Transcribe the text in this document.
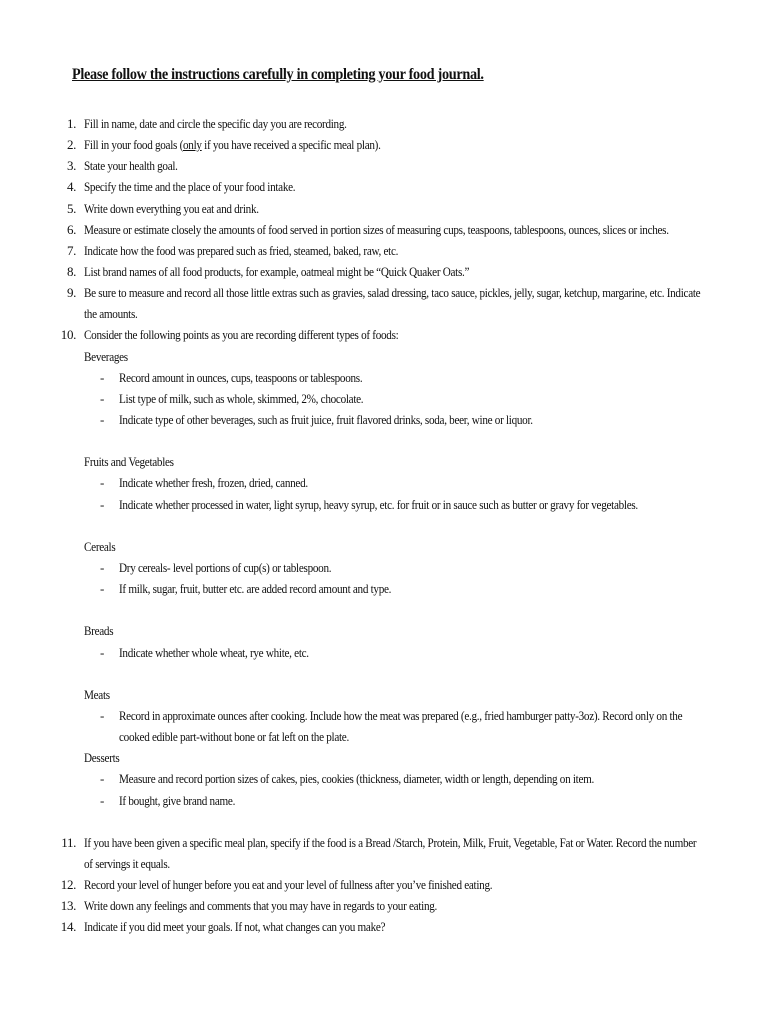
Please follow the instructions carefully in completing your food journal.
1. Fill in name, date and circle the specific day you are recording.
2. Fill in your food goals (only if you have received a specific meal plan).
3. State your health goal.
4. Specify the time and the place of your food intake.
5. Write down everything you eat and drink.
6. Measure or estimate closely the amounts of food served in portion sizes of measuring cups, teaspoons, tablespoons, ounces, slices or inches.
7. Indicate how the food was prepared such as fried, steamed, baked, raw, etc.
8. List brand names of all food products, for example, oatmeal might be “Quick Quaker Oats.”
9. Be sure to measure and record all those little extras such as gravies, salad dressing, taco sauce, pickles, jelly, sugar, ketchup, margarine, etc. Indicate
the amounts.
10. Consider the following points as you are recording different types of foods:
Beverages
- Record amount in ounces, cups, teaspoons or tablespoons.
- List type of milk, such as whole, skimmed, 2%, chocolate.
- Indicate type of other beverages, such as fruit juice, fruit flavored drinks, soda, beer, wine or liquor.
Fruits and Vegetables
- Indicate whether fresh, frozen, dried, canned.
- Indicate whether processed in water, light syrup, heavy syrup, etc. for fruit or in sauce such as butter or gravy for vegetables.
Cereals
- Dry cereals- level portions of cup(s) or tablespoon.
- If milk, sugar, fruit, butter etc. are added record amount and type.
Breads
- Indicate whether whole wheat, rye white, etc.
Meats
- Record in approximate ounces after cooking. Include how the meat was prepared (e.g., fried hamburger patty-3oz). Record only on the
cooked edible part-without bone or fat left on the plate.
Desserts
- Measure and record portion sizes of cakes, pies, cookies (thickness, diameter, width or length, depending on item.
- If bought, give brand name.
11. If you have been given a specific meal plan, specify if the food is a Bread /Starch, Protein, Milk, Fruit, Vegetable, Fat or Water. Record the number
of servings it equals.
12. Record your level of hunger before you eat and your level of fullness after you’ve finished eating.
13. Write down any feelings and comments that you may have in regards to your eating.
14. Indicate if you did meet your goals. If not, what changes can you make?
